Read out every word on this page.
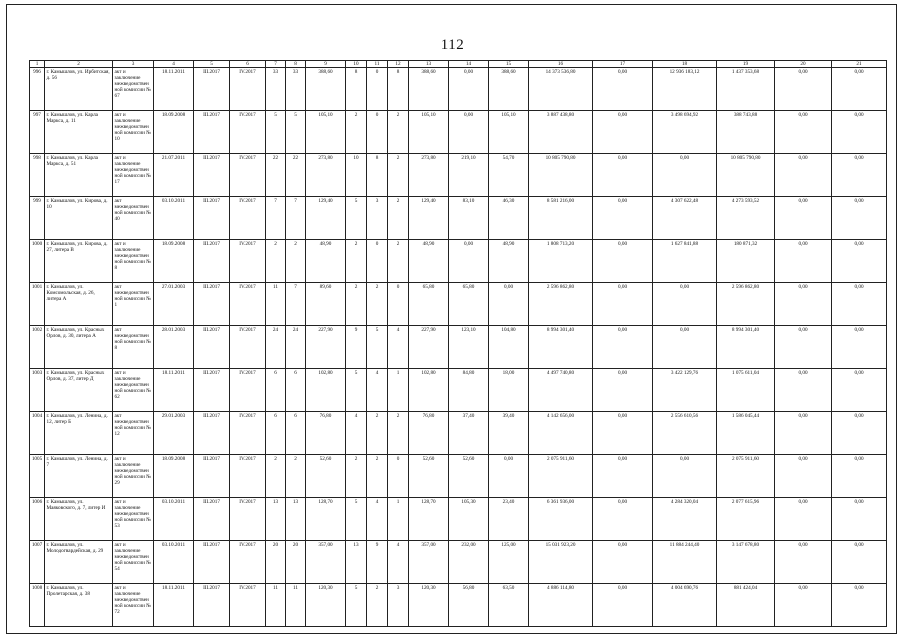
112
1	2	3	4	5	6	7	8	9	10	11	12	13	14	15	16	17	18	19	20	21
996	г. Камышлов, ул. Ирбитская, д. 56	акт и заключение межведомственной комиссии № 67	18.11.2011	III.2017	IV.2017	33	33	388,60	8	0	8	388,60	0,00	388,60	14 373 536,80	0,00	12 936 183,12	1 437 353,68	0,00	0,00
997	г. Камышлов, ул. Карла Маркса, д. 11	акт и заключение межведомственной комиссии № 10	18.09.2008	III.2017	IV.2017	5	5	105,10	2	0	2	105,10	0,00	105,10	3 887 438,80	0,00	3 498 694,92	388 743,88	0,00	0,00
998	г. Камышлов, ул. Карла Маркса, д. 51	акт и заключение межведомственной комиссии № 17	21.07.2011	III.2017	IV.2017	22	22	273,80	10	8	2	273,80	219,10	54,70	10 805 790,80	0,00	0,00	10 805 790,80	0,00	0,00
999	г. Камышлов, ул. Кирова, д. 10	акт межведомственной комиссии № 40	03.10.2011	III.2017	IV.2017	7	7	129,40	5	3	2	129,40	83,10	46,30	8 581 216,00	0,00	4 307 622,48	4 273 593,52	0,00	0,00
1000	г. Камышлов, ул. Кирова, д. 27, литера В	акт и заключение межведомственной комиссии № 8	18.09.2008	III.2017	IV.2017	2	2	48,90	2	0	2	48,90	0,00	48,90	1 808 713,20	0,00	1 627 841,88	180 871,32	0,00	0,00
1001	г. Камышлов, ул. Комсомольская, д. 26, литера А	акт межведомственной комиссии № 1	27.01.2003	III.2017	IV.2017	11	7	89,60	2	2	0	65,80	65,80	0,00	2 596 862,80	0,00	0,00	2 596 862,80	0,00	0,00
1002	г. Камышлов, ул. Красных Орлов, д. 30, литера А	акт межведомственной комиссии № 8	28.01.2003	III.2017	IV.2017	24	24	227,90	9	5	4	227,90	123,10	104,80	8 994 301,40	0,00	0,00	8 994 301,40	0,00	0,00
1003	г. Камышлов, ул. Красных Орлов, д. 37, литер Д	акт и заключение межведомственной комиссии № 62	18.11.2011	III.2017	IV.2017	6	6	102,80	5	4	1	102,80	84,80	18,00	4 497 740,80	0,00	3 422 129,76	1 075 611,04	0,00	0,00
1004	г. Камышлов, ул. Ленина, д. 12, литер Б	акт межведомственной комиссии № 12	29.01.2003	III.2017	IV.2017	6	6	76,80	4	2	2	76,80	37,40	39,40	4 142 656,00	0,00	2 556 610,56	1 586 045,44	0,00	0,00
1005	г. Камышлов, ул. Ленина, д. 7	акт и заключение межведомственной комиссии № 29	18.09.2008	III.2017	IV.2017	2	2	52,60	2	2	0	52,60	52,60	0,00	2 075 911,60	0,00	0,00	2 075 911,60	0,00	0,00
1006	г. Камышлов, ул. Маяковского, д. 7, литер И	акт и заключение межведомственной комиссии № 53	03.10.2011	III.2017	IV.2017	13	13	128,70	5	4	1	128,70	105,30	23,40	6 361 936,00	0,00	4 284 320,04	2 077 615,96	0,00	0,00
1007	г. Камышлов, ул. Молодогвардейская, д. 29	акт и заключение межведомственной комиссии № 54	03.10.2011	III.2017	IV.2017	20	20	357,00	13	9	4	357,00	232,00	125,00	15 031 923,20	0,00	11 884 244,40	3 147 678,80	0,00	0,00
1008	г. Камышлов, ул. Пролетарская, д. 38	акт и заключение межведомственной комиссии № 72	18.11.2011	III.2017	IV.2017	11	11	120,30	5	2	3	120,30	56,80	63,50	4 886 114,80	0,00	4 004 690,76	881 424,04	0,00	0,00
